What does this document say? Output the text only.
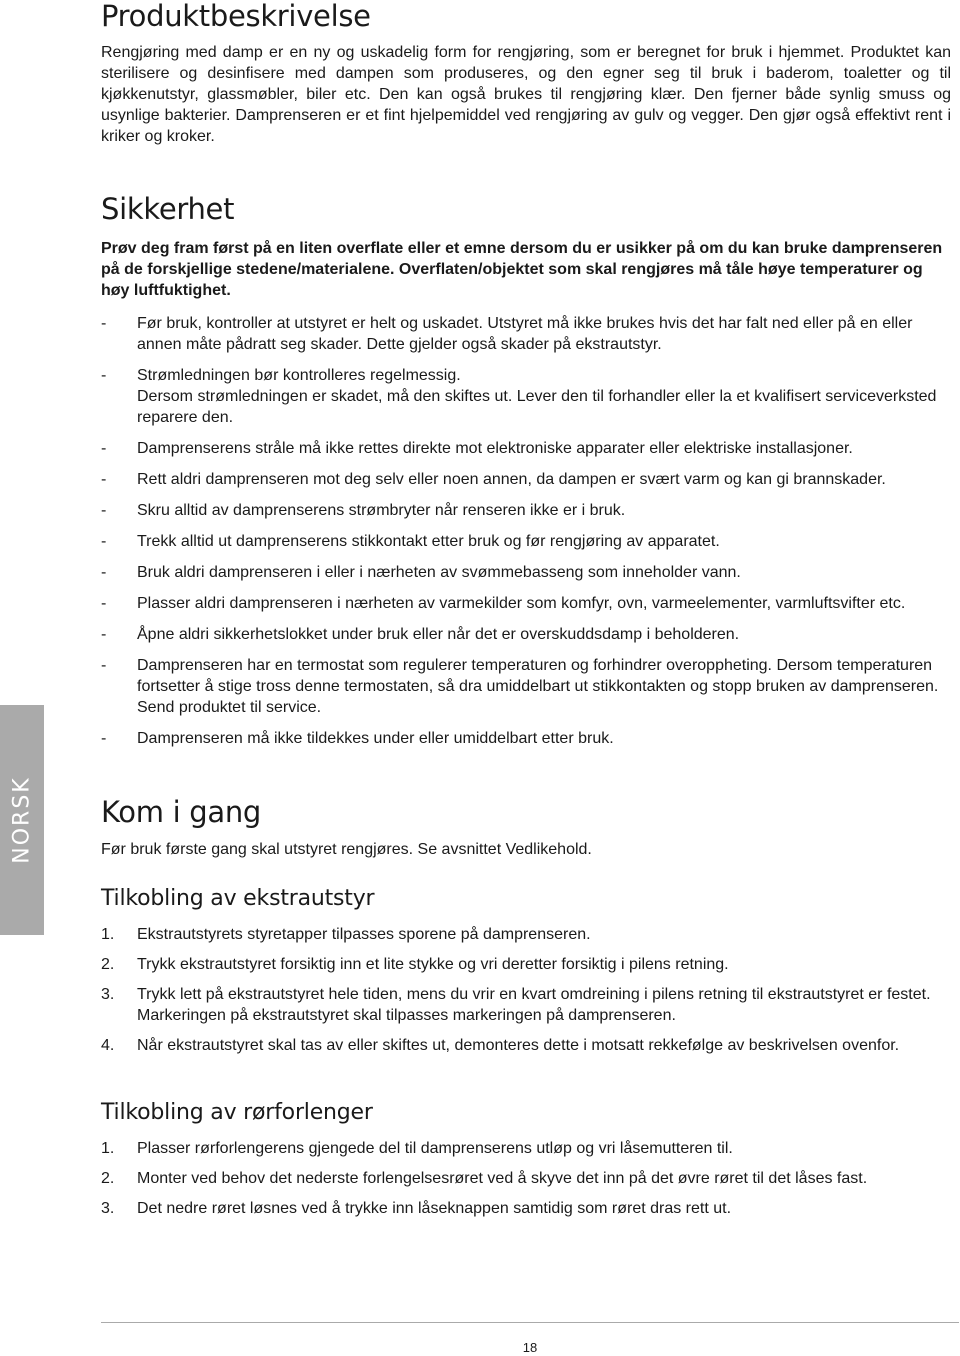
NORSK
Produktbeskrivelse

Rengjøring med damp er en ny og uskadelig form for rengjøring, som er beregnet for bruk i hjemmet. Produktet kan sterilisere og desinfisere med dampen som produseres, og den egner seg til bruk i baderom, toaletter og til kjøkkenutstyr, glassmøbler, biler etc. Den kan også brukes til rengjøring klær. Den fjerner både synlig smuss og usynlige bakterier. Damprenseren er et fint hjelpemiddel ved rengjøring av gulv og vegger. Den gjør også effektivt rent i kriker og kroker.

Sikkerhet

Prøv deg fram først på en liten overflate eller et emne dersom du er usikker på om du kan bruke damprenseren på de forskjellige stedene/materialene. Overflaten/objektet som skal rengjøres må tåle høye temperaturer og høy luftfuktighet.

- Før bruk, kontroller at utstyret er helt og uskadet. Utstyret må ikke brukes hvis det har falt ned eller på en eller annen måte pådratt seg skader. Dette gjelder også skader på ekstrautstyr.
- Strømledningen bør kontrolleres regelmessig.
Dersom strømledningen er skadet, må den skiftes ut. Lever den til forhandler eller la et kvalifisert serviceverksted reparere den.
- Damprenserens stråle må ikke rettes direkte mot elektroniske apparater eller elektriske installasjoner.
- Rett aldri damprenseren mot deg selv eller noen annen, da dampen er svært varm og kan gi brannskader.
- Skru alltid av damprenserens strømbryter når renseren ikke er i bruk.
- Trekk alltid ut damprenserens stikkontakt etter bruk og før rengjøring av apparatet.
- Bruk aldri damprenseren i eller i nærheten av svømmebasseng som inneholder vann.
- Plasser aldri damprenseren i nærheten av varmekilder som komfyr, ovn, varmeelementer, varmluftsvifter etc.
- Åpne aldri sikkerhetslokket under bruk eller når det er overskuddsdamp i beholderen.
- Damprenseren har en termostat som regulerer temperaturen og forhindrer overoppheting. Dersom temperaturen fortsetter å stige tross denne termostaten, så dra umiddelbart ut stikkontakten og stopp bruken av damprenseren. Send produktet til service.
- Damprenseren må ikke tildekkes under eller umiddelbart etter bruk.
Kom i gang

Før bruk første gang skal utstyret rengjøres. Se avsnittet Vedlikehold.

Tilkobling av ekstrautstyr
1. Ekstrautstyrets styretapper tilpasses sporene på damprenseren.
2. Trykk ekstrautstyret forsiktig inn et lite stykke og vri deretter forsiktig i pilens retning.
3. Trykk lett på ekstrautstyret hele tiden, mens du vrir en kvart omdreining i pilens retning til ekstrautstyret er festet. Markeringen på ekstrautstyret skal tilpasses markeringen på damprenseren.
4. Når ekstrautstyret skal tas av eller skiftes ut, demonteres dette i motsatt rekkefølge av beskrivelsen ovenfor.
Tilkobling av rørforlenger
1. Plasser rørforlengerens gjengede del til damprenserens utløp og vri låsemutteren til.
2. Monter ved behov det nederste forlengelsesrøret ved å skyve det inn på det øvre røret til det låses fast.
3. Det nedre røret løsnes ved å trykke inn låseknappen samtidig som røret dras rett ut.
18
